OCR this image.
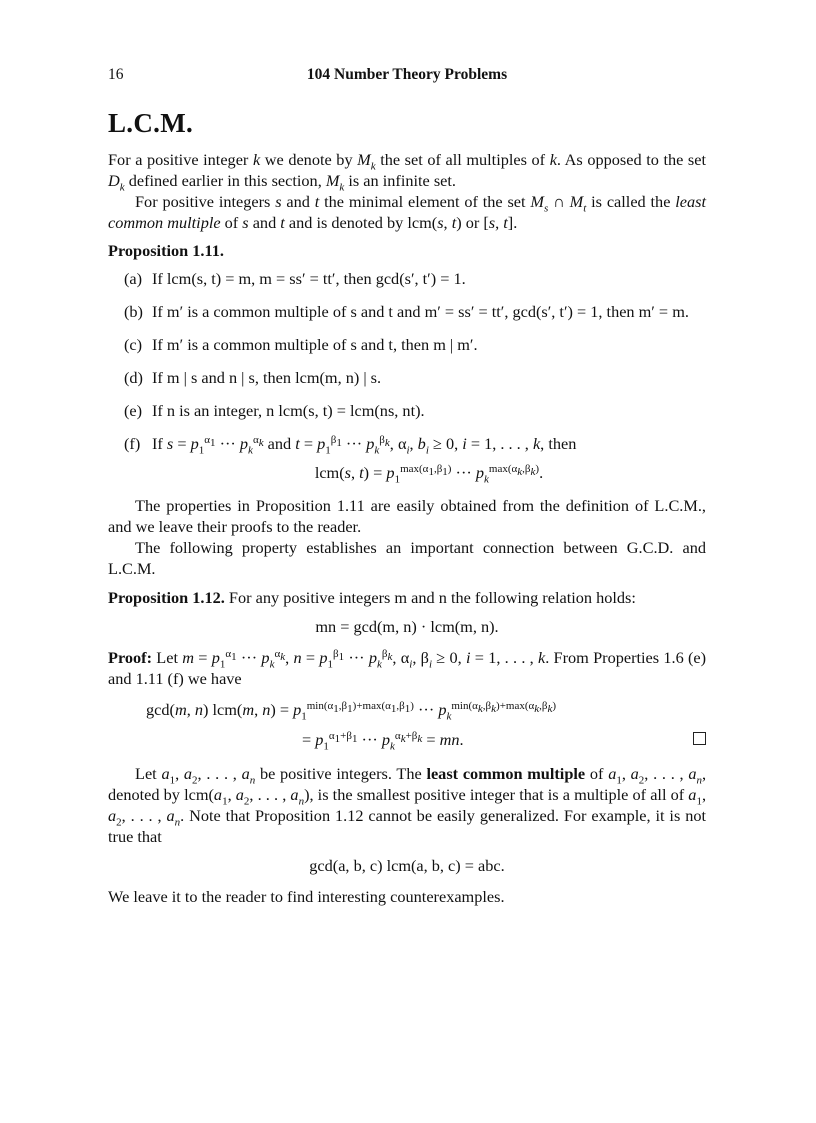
16	104 Number Theory Problems
L.C.M.

For a positive integer k we denote by $M_k$ the set of all multiples of k. As opposed to the set $D_k$ defined earlier in this section, $M_k$ is an infinite set.

For positive integers s and t the minimal element of the set $M_s$ ∩ $M_t$ is called the least common multiple of s and t and is denoted by lcm(s, t) or [s, t].

Proposition 1.11.

(a) If lcm(s, t) = m, m = ss′ = tt′, then gcd(s′, t′) = 1.
(b) If m′ is a common multiple of s and t and m′ = ss′ = tt′, gcd(s′, t′) = 1, then m′ = m.
(c) If m′ is a common multiple of s and t, then m | m′.
(d) If m | s and n | s, then lcm(m, n) | s.
(e) If n is an integer, n lcm(s, t) = lcm(ns, nt).
(f) If $s = p_1^{\alpha_1}$ ··· $p_k^{\alpha_k}$ and $t = p_1^{\beta_1}$ ··· $p_k^{\beta_k}$, $\alpha_i$, $b_i \ge 0$, i = 1, . . . , k, then
lcm(s, $t) = p_1^{max(\alpha_1,\beta_1)}$ ··· $p_k^{max(\alpha_k,\beta_k)}$.

The properties in Proposition 1.11 are easily obtained from the definition of L.C.M., and we leave their proofs to the reader.

The following property establishes an important connection between G.C.D. and L.C.M.

Proposition 1.12. For any positive integers m and n the following relation holds:

mn = gcd(m, n) · lcm(m, n).

Proof: Let $m = p_1^{\alpha_1}$ ··· $p_k^{\alpha_k}$, $n = p_1^{\beta_1}$ ··· $p_k^{\beta_k}$, $\alpha_i$, $\beta_i \ge 0$, i = 1, . . . , k. From Properties 1.6 (e) and 1.11 (f) we have

gcd(m, n) lcm(m, $n) = p_1^{min(\alpha_1,\beta_1)+max(\alpha_1,\beta_1)}$ ··· $p_k^{min(\alpha_k,\beta_k)+max(\alpha_k,\beta_k)}$
= $p_1^{\alpha_1+\beta_1}$ ··· $p_k^{\alpha_k+\beta_k}$ = mn.

Let $a_1$, $a_2$, . . . , $a_n$ be positive integers. The least common multiple of $a_1$, $a_2$, . . . , $a_n$, denoted by $lcm(a_1$, $a_2$, . . . , $a_n$), is the smallest positive integer that is a multiple of all of $a_1$, $a_2$, . . . , $a_n$. Note that Proposition 1.12 cannot be easily generalized. For example, it is not true that

gcd(a, b, c) lcm(a, b, c) = abc.

We leave it to the reader to find interesting counterexamples.
